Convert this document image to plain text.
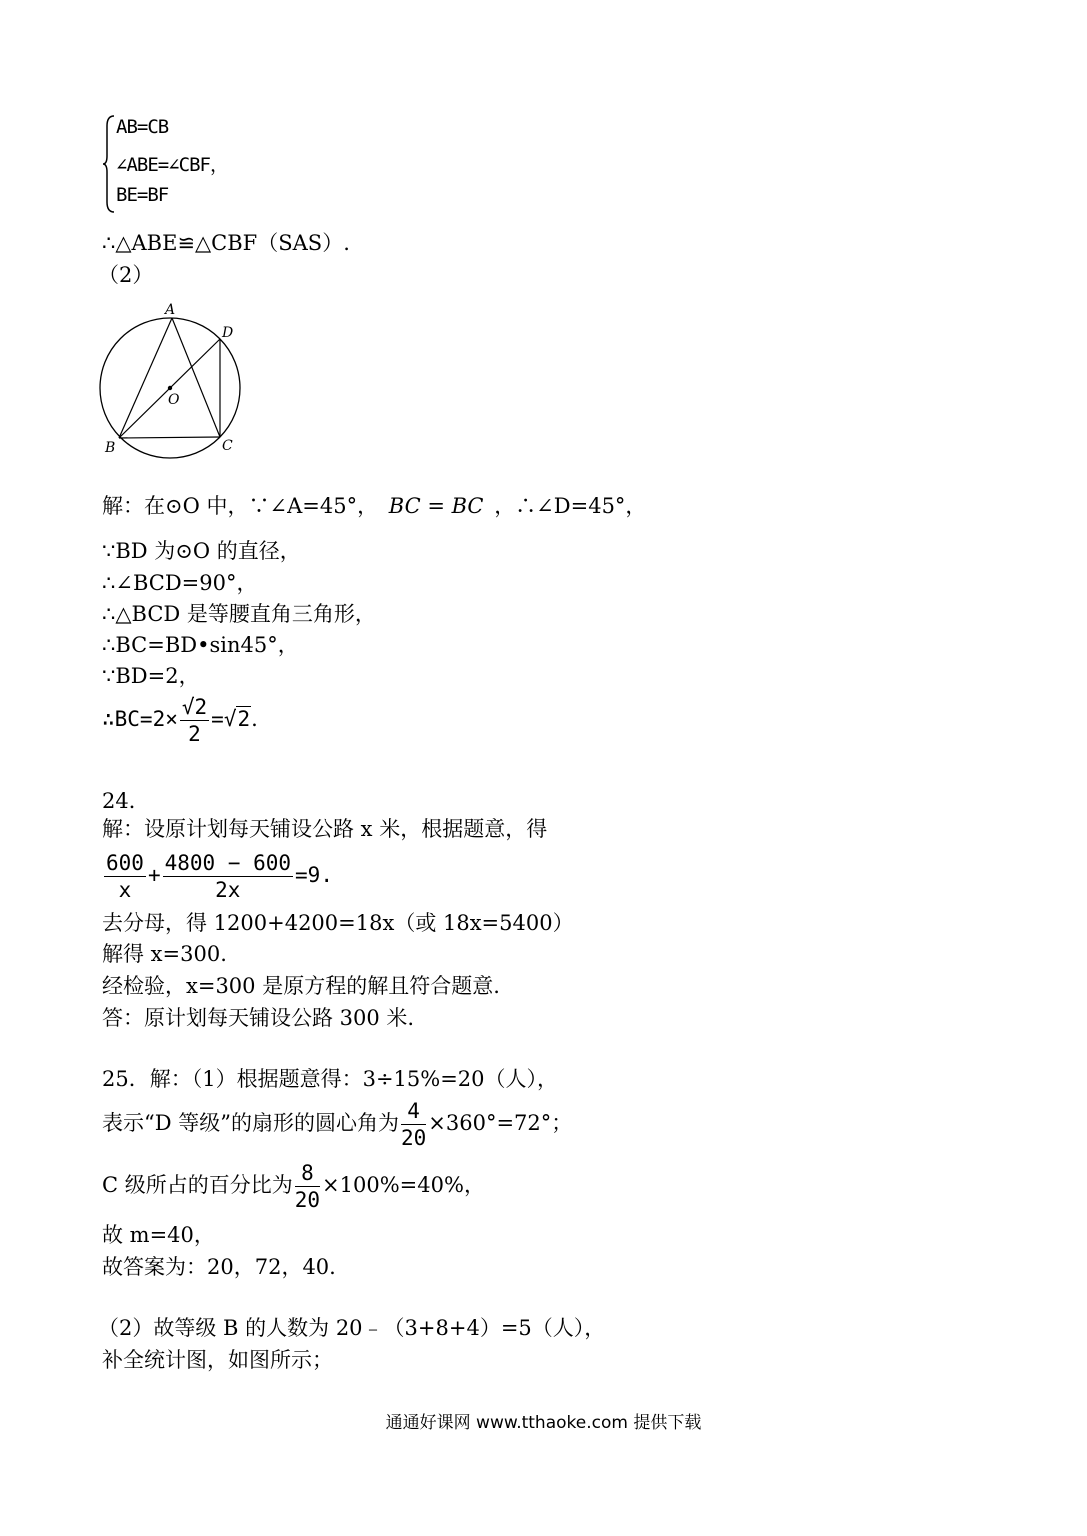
AB=CB
∠ABE=∠CBF，
BE=BF
∴△ABE≌△CBF（SAS）.
（2）
A
D
O
B	C
解：在⊙O 中，∵∠A=45°， BC = BC ，∴∠D=45°，
∵BD 为⊙O 的直径，
∴∠BCD=90°，
∴△BCD 是等腰直角三角形，
∴BC=BD•sin45°，
∵BD=2，
∴BC=2× $\frac{√2}{2} =√2$.
24．
解：设原计划每天铺设公路 x 米，根据题意，得
$\frac{600}{x} + \frac{4800 - 600}{2x} =9$.
去分母，得 1200+4200=18x（或 18x=5400）
解得 x=300.
经检验，x=300 是原方程的解且符合题意.
答：原计划每天铺设公路 300 米.
25．解：（1）根据题意得：3÷15%=20（人），
表示“D 等级”的扇形的圆心角为 $\frac{4}{20} \times 360^\circ=72^\circ$；
C 级所占的百分比为 $\frac{8}{20} \times 100\%=40\%$，
故 m=40，
故答案为：20，72，40.
（2）故等级 B 的人数为 20﹣（3+8+4）=5（人），
补全统计图，如图所示；
通通好课网 www.tthaoke.com 提供下载
